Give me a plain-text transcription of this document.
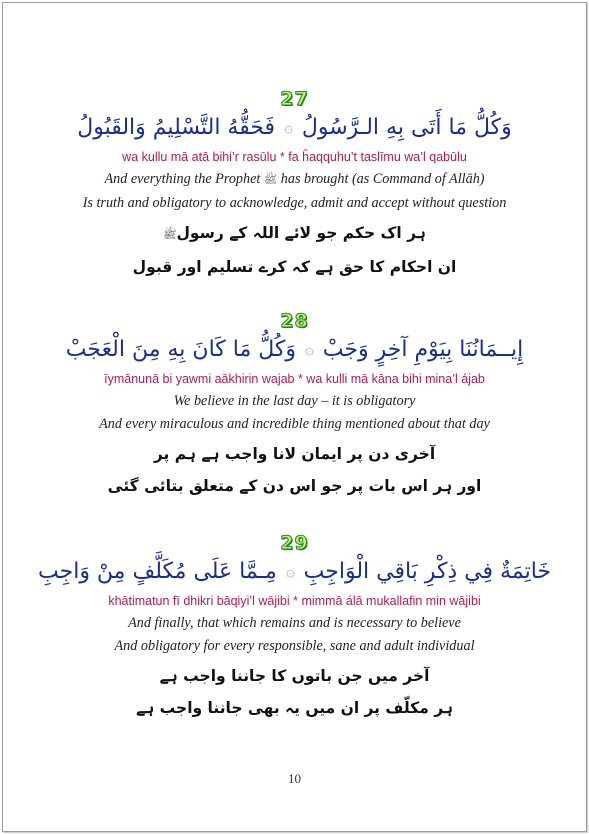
27
وَكُلُّ مَا أَتَى بِهِ الـرَّسُولُ۞فَحَقُّهُ التَّسْلِيمُ وَالقَبُولُ
wa kullu mā atā bihi’r rasūlu * fa ĥaqquhu’t taslīmu wa’l qabūlu
And everything the Prophet ﷺ has brought (as Command of Allāh)
Is truth and obligatory to acknowledge, admit and accept without question
ہر اک حکم جو لائے اللہ کے رسولﷺ
ان احکام کا حق ہے کہ کرے تسلیم اور قبول
28
إِيــمَانُنَا بِيَوْمِ آخِرٍ وَجَبْ۞وَكُلُّ مَا كَانَ بِهِ مِنَ الْعَجَبْ
īymānunā bi yawmi aākhirin wajab * wa kulli mā kāna bihi mina’l ájab
We believe in the last day – it is obligatory
And every miraculous and incredible thing mentioned about that day
آخری دن پر ایمان لانا واجب ہے ہم پر
اور ہر اس بات پر جو اس دن کے متعلق بتائی گئی
29
خَاتِمَةٌ فِي ذِكْرِ بَاقِي الْوَاجِبِ۞مِـمَّا عَلَى مُكَلَّفٍ مِنْ وَاجِبِ
khātimatun fī dhikri bāqiyi’l wājibi * mimmā álā mukallafin min wājibi
And finally, that which remains and is necessary to believe
And obligatory for every responsible, sane and adult individual
آخر میں جن باتوں کا جاننا واجب ہے
ہر مکلّف پر ان میں یہ بھی جاننا واجب ہے
10
